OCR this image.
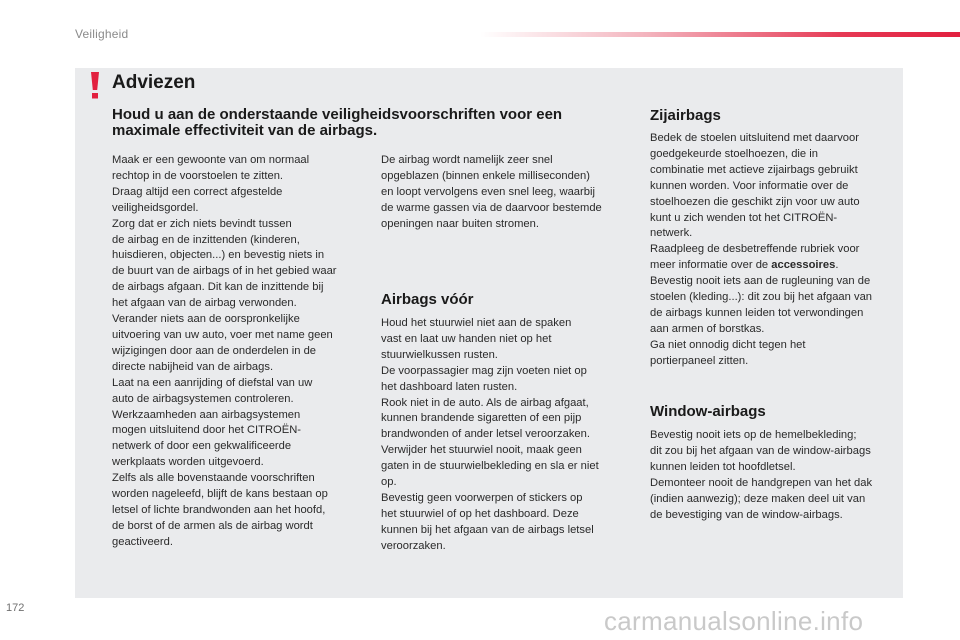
Veiligheid
Adviezen
Houd u aan de onderstaande veiligheidsvoorschriften voor een maximale effectiviteit van de airbags.
Maak er een gewoonte van om normaal
rechtop in de voorstoelen te zitten.
Draag altijd een correct afgestelde
veiligheidsgordel.
Zorg dat er zich niets bevindt tussen
de airbag en de inzittenden (kinderen,
huisdieren, objecten...) en bevestig niets in
de buurt van de airbags of in het gebied waar
de airbags afgaan. Dit kan de inzittende bij
het afgaan van de airbag verwonden.
Verander niets aan de oorspronkelijke
uitvoering van uw auto, voer met name geen
wijzigingen door aan de onderdelen in de
directe nabijheid van de airbags.
Laat na een aanrijding of diefstal van uw
auto de airbagsystemen controleren.
Werkzaamheden aan airbagsystemen
mogen uitsluitend door het CITROËN-
netwerk of door een gekwalificeerde
werkplaats worden uitgevoerd.
Zelfs als alle bovenstaande voorschriften
worden nageleefd, blijft de kans bestaan op
letsel of lichte brandwonden aan het hoofd,
de borst of de armen als de airbag wordt
geactiveerd.
De airbag wordt namelijk zeer snel
opgeblazen (binnen enkele milliseconden)
en loopt vervolgens even snel leeg, waarbij
de warme gassen via de daarvoor bestemde
openingen naar buiten stromen.
Airbags vóór
Houd het stuurwiel niet aan de spaken
vast en laat uw handen niet op het
stuurwielkussen rusten.
De voorpassagier mag zijn voeten niet op
het dashboard laten rusten.
Rook niet in de auto. Als de airbag afgaat,
kunnen brandende sigaretten of een pijp
brandwonden of ander letsel veroorzaken.
Verwijder het stuurwiel nooit, maak geen
gaten in de stuurwielbekleding en sla er niet
op.
Bevestig geen voorwerpen of stickers op
het stuurwiel of op het dashboard. Deze
kunnen bij het afgaan van de airbags letsel
veroorzaken.
Zijairbags
Bedek de stoelen uitsluitend met daarvoor
goedgekeurde stoelhoezen, die in
combinatie met actieve zijairbags gebruikt
kunnen worden. Voor informatie over de
stoelhoezen die geschikt zijn voor uw auto
kunt u zich wenden tot het CITROËN-
netwerk.
Raadpleeg de desbetreffende rubriek voor
meer informatie over de accessoires.
Bevestig nooit iets aan de rugleuning van de
stoelen (kleding...): dit zou bij het afgaan van
de airbags kunnen leiden tot verwondingen
aan armen of borstkas.
Ga niet onnodig dicht tegen het
portierpaneel zitten.
Window-airbags
Bevestig nooit iets op de hemelbekleding;
dit zou bij het afgaan van de window-airbags
kunnen leiden tot hoofdletsel.
Demonteer nooit de handgrepen van het dak
(indien aanwezig); deze maken deel uit van
de bevestiging van de window-airbags.
172	carmanualsonline.info
